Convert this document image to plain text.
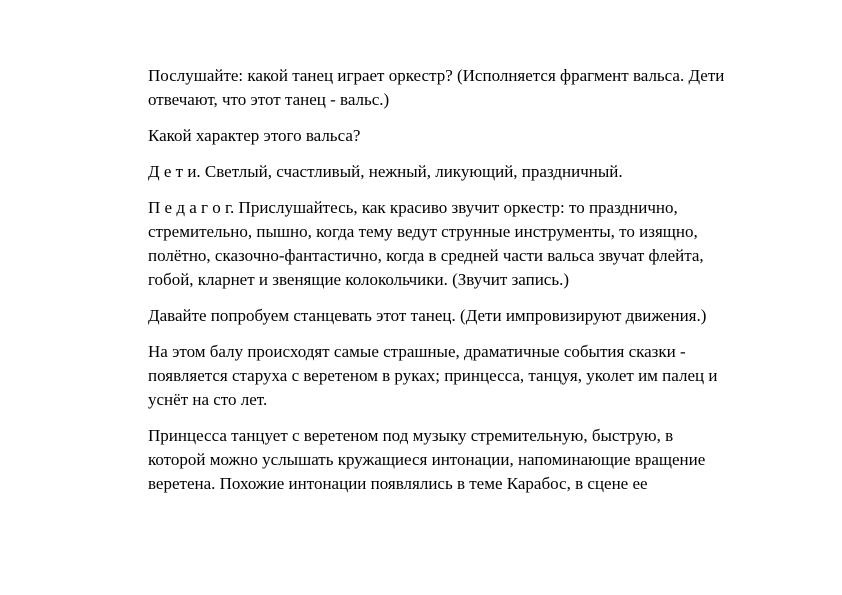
Послушайте: какой танец играет оркестр? (Исполняется фрагмент вальса. Дети
отвечают, что этот танец - вальс.)

Какой характер этого вальса?

Д е т и. Светлый, счастливый, нежный, ликующий, праздничный.

П е д а г о г. Прислушайтесь, как красиво звучит оркестр: то празднично,
стремительно, пышно, когда тему ведут струнные инструменты, то изящно,
полётно, сказочно-фантастично, когда в средней части вальса звучат флейта,
гобой, кларнет и звенящие колокольчики. (Звучит запись.)

Давайте попробуем станцевать этот танец. (Дети импровизируют движения.)

На этом балу происходят самые страшные, драматичные события сказки -
появляется старуха с веретеном в руках; принцесса, танцуя, уколет им палец и
уснёт на сто лет.

Принцесса танцует с веретеном под музыку стремительную, быструю, в
которой можно услышать кружащиеся интонации, напоминающие вращение
веретена. Похожие интонации появлялись в теме Карабос, в сцене ее
